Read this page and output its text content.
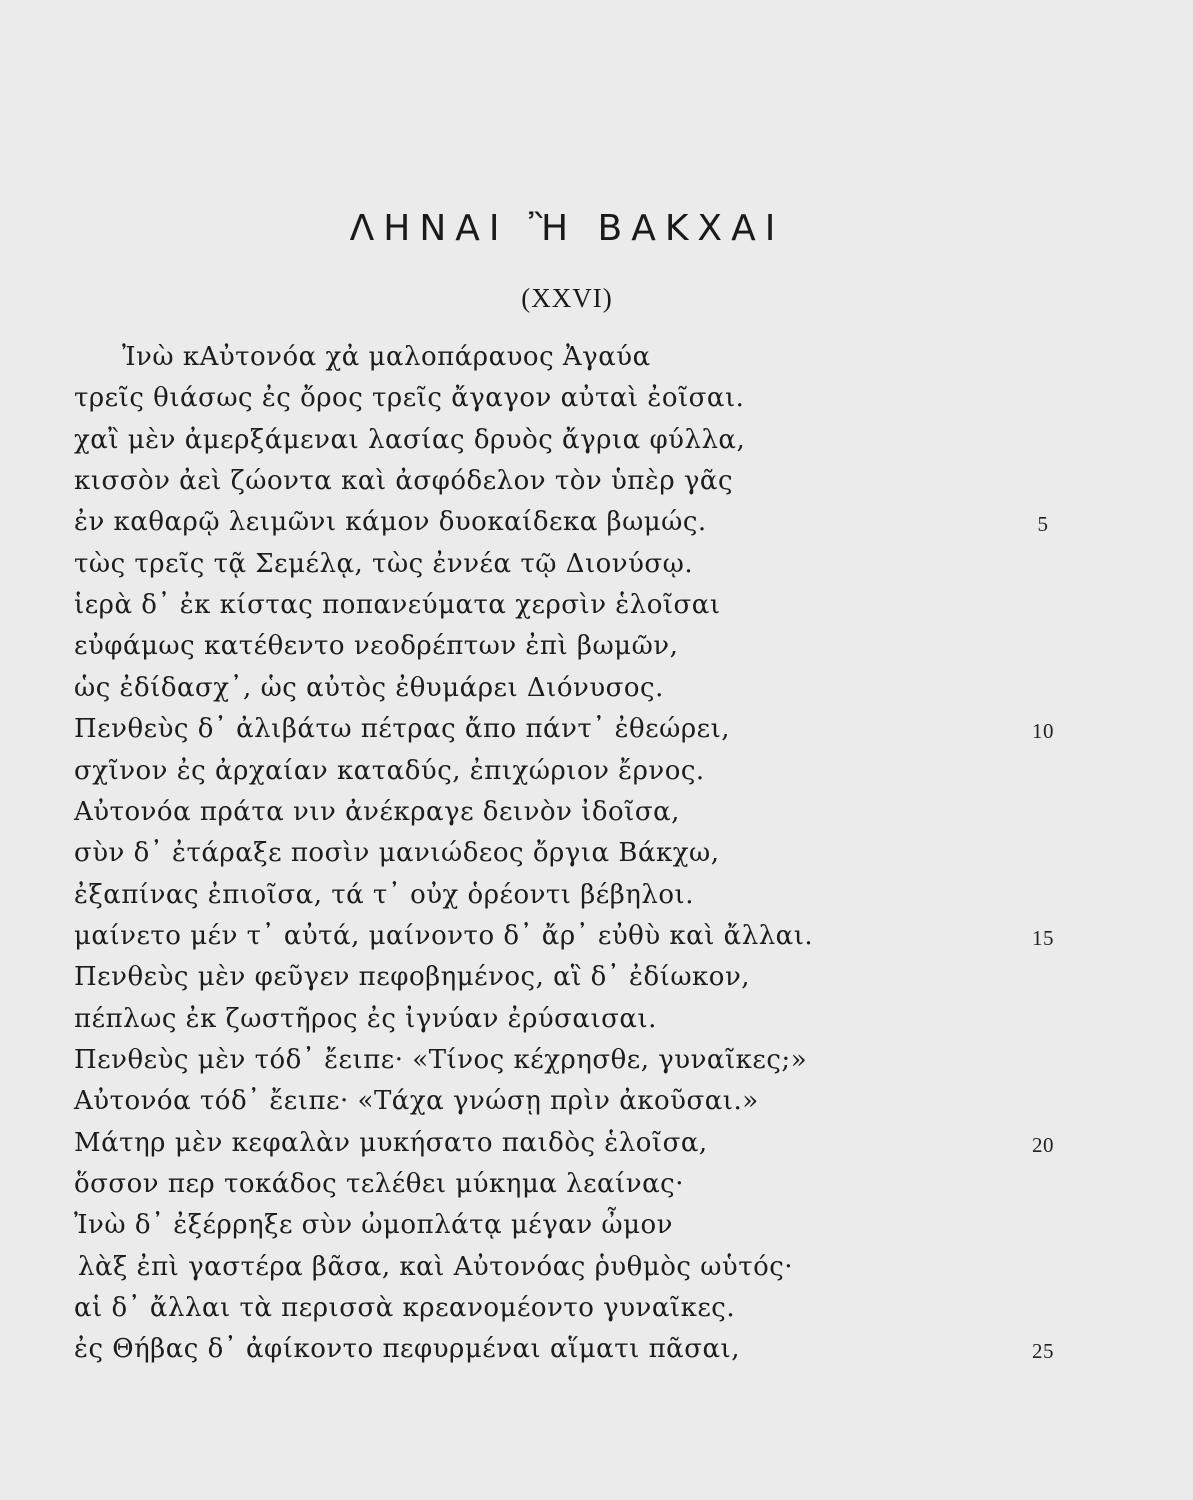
ΛΗΝΑΙ Ἢ ΒΑΚΧΑΙ
(XXVI)
Ἰνὼ κΑὐτονόα χἀ μαλοπάραυος Ἀγαύα
τρεῖς θιάσως ἐς ὄρος τρεῖς ἄγαγον αὐταὶ ἐοῖσαι.
χαἲ μὲν ἀμερξάμεναι λασίας δρυὸς ἄγρια φύλλα,
κισσὸν ἀεὶ ζώοντα καὶ ἀσφόδελον τὸν ὑπὲρ γᾶς
ἐν καθαρῷ λειμῶνι κάμον δυοκαίδεκα βωμώς.	5
τὼς τρεῖς τᾷ Σεμέλᾳ, τὼς ἐννέα τῷ Διονύσῳ.
ἱερὰ δ᾽ ἐκ κίστας ποπανεύματα χερσὶν ἑλοῖσαι
εὐφάμως κατέθεντο νεοδρέπτων ἐπὶ βωμῶν,
ὡς ἐδίδασχ᾽, ὡς αὐτὸς ἐθυμάρει Διόνυσος.
Πενθεὺς δ᾽ ἀλιβάτω πέτρας ἄπο πάντ᾽ ἐθεώρει,	10
σχῖνον ἐς ἀρχαίαν καταδύς, ἐπιχώριον ἔρνος.
Αὐτονόα πράτα νιν ἀνέκραγε δεινὸν ἰδοῖσα,
σὺν δ᾽ ἐτάραξε ποσὶν μανιώδεος ὄργια Βάκχω,
ἐξαπίνας ἐπιοῖσα, τά τ᾽ οὐχ ὁρέοντι βέβηλοι.
μαίνετο μέν τ᾽ αὐτά, μαίνοντο δ᾽ ἄρ᾽ εὐθὺ καὶ ἄλλαι.	15
Πενθεὺς μὲν φεῦγεν πεφοβημένος, αἳ δ᾽ ἐδίωκον,
πέπλως ἐκ ζωστῆρος ἐς ἰγνύαν ἐρύσαισαι.
Πενθεὺς μὲν τόδ᾽ ἔειπε· «Τίνος κέχρησθε, γυναῖκες;»
Αὐτονόα τόδ᾽ ἔειπε· «Τάχα γνώσῃ πρὶν ἀκοῦσαι.»
Μάτηρ μὲν κεφαλὰν μυκήσατο παιδὸς ἑλοῖσα,	20
ὅσσον περ τοκάδος τελέθει μύκημα λεαίνας·
Ἰνὼ δ᾽ ἐξέρρηξε σὺν ὠμοπλάτᾳ μέγαν ὦμον
λὰξ ἐπὶ γαστέρα βᾶσα, καὶ Αὐτονόας ῥυθμὸς ωὑτός·
αἱ δ᾽ ἄλλαι τὰ περισσὰ κρεανομέοντο γυναῖκες.
ἐς Θήβας δ᾽ ἀφίκοντο πεφυρμέναι αἵματι πᾶσαι,	25
